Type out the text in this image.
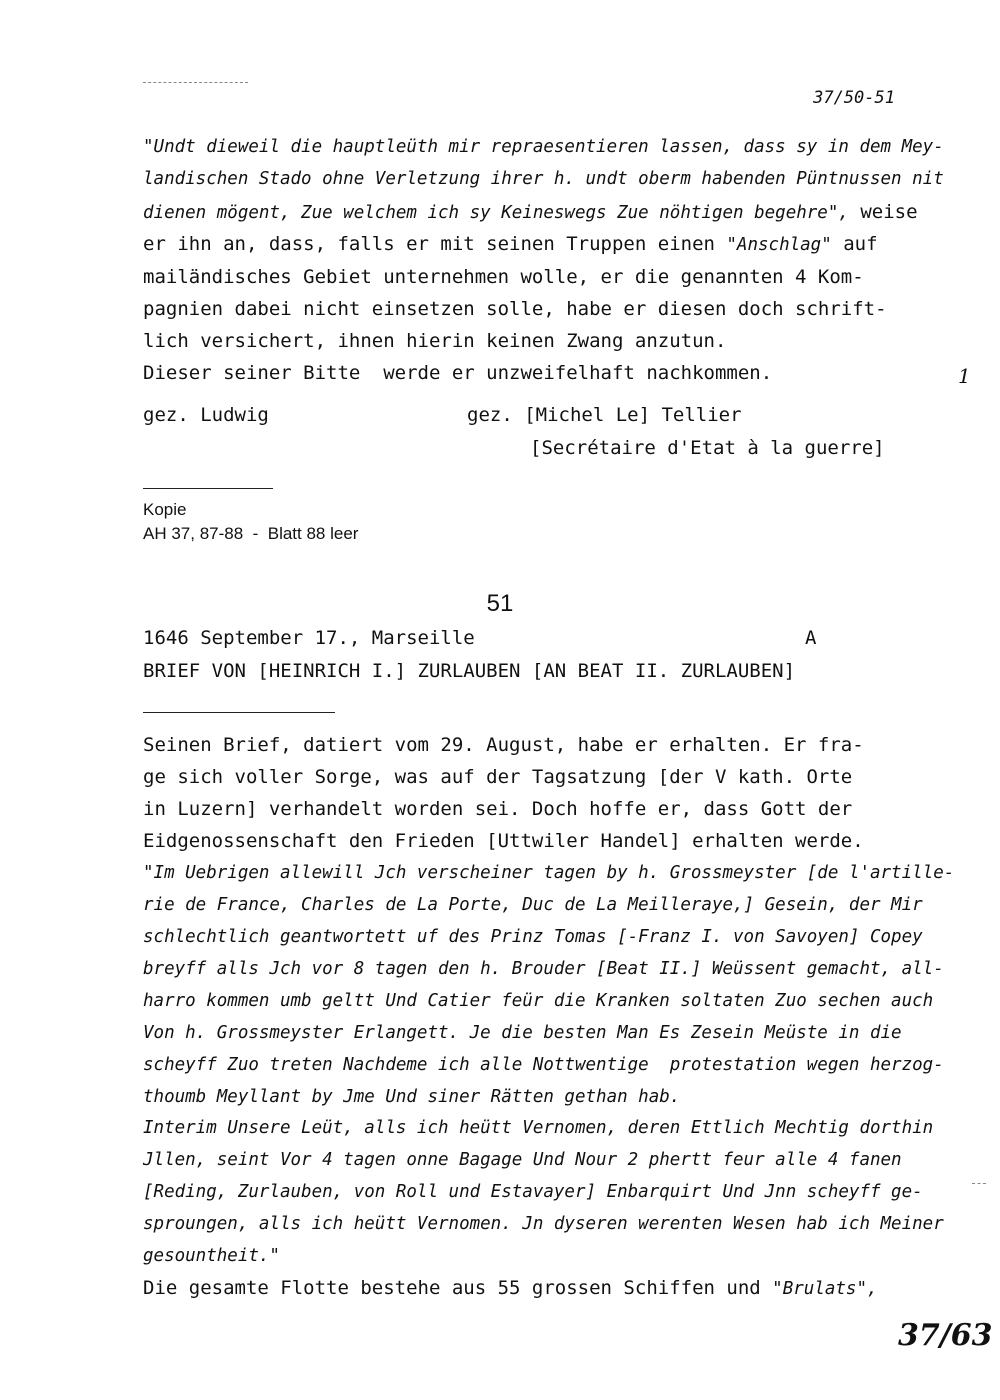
37/50-51
"Undt dieweil die hauptleüth mir repraesentieren lassen, dass sy in dem Mey-
landischen Stado ohne Verletzung ihrer h. undt oberm habenden Püntnussen nit
dienen mögent, Zue welchem ich sy Keineswegs Zue nöhtigen begehre", weise
er ihn an, dass, falls er mit seinen Truppen einen "Anschlag" auf
mailändisches Gebiet unternehmen wolle, er die genannten 4 Kom-
pagnien dabei nicht einsetzen solle, habe er diesen doch schrift-
lich versichert, ihnen hierin keinen Zwang anzutun.
Dieser seiner Bitte  werde er unzweifelhaft nachkommen.	1
gez. Ludwig	gez. [Michel Le] Tellier
[Secrétaire d'Etat à la guerre]
Kopie
AH 37, 87-88  -  Blatt 88 leer
51
1646 September 17., Marseille	A
BRIEF VON [HEINRICH I.] ZURLAUBEN [AN BEAT II. ZURLAUBEN]
Seinen Brief, datiert vom 29. August, habe er erhalten. Er fra-
ge sich voller Sorge, was auf der Tagsatzung [der V kath. Orte
in Luzern] verhandelt worden sei. Doch hoffe er, dass Gott der
Eidgenossenschaft den Frieden [Uttwiler Handel] erhalten werde.
"Im Uebrigen allewill Jch verscheiner tagen by h. Grossmeyster [de l'artille-
rie de France, Charles de La Porte, Duc de La Meilleraye,] Gesein, der Mir
schlechtlich geantwortett uf des Prinz Tomas [-Franz I. von Savoyen] Copey
breyff alls Jch vor 8 tagen den h. Brouder [Beat II.] Weüssent gemacht, all-
harro kommen umb geltt Und Catier feür die Kranken soltaten Zuo sechen auch
Von h. Grossmeyster Erlangett. Je die besten Man Es Zesein Meüste in die
scheyff Zuo treten Nachdeme ich alle Nottwentige  protestation wegen herzog-
thoumb Meyllant by Jme Und siner Rätten gethan hab.
Interim Unsere Leüt, alls ich heütt Vernomen, deren Ettlich Mechtig dorthin
Jllen, seint Vor 4 tagen onne Bagage Und Nour 2 phertt feur alle 4 fanen
[Reding, Zurlauben, von Roll und Estavayer] Enbarquirt Und Jnn scheyff ge-
sproungen, alls ich heütt Vernomen. Jn dyseren werenten Wesen hab ich Meiner
gesountheit."
Die gesamte Flotte bestehe aus 55 grossen Schiffen und "Brulats",
37/63
